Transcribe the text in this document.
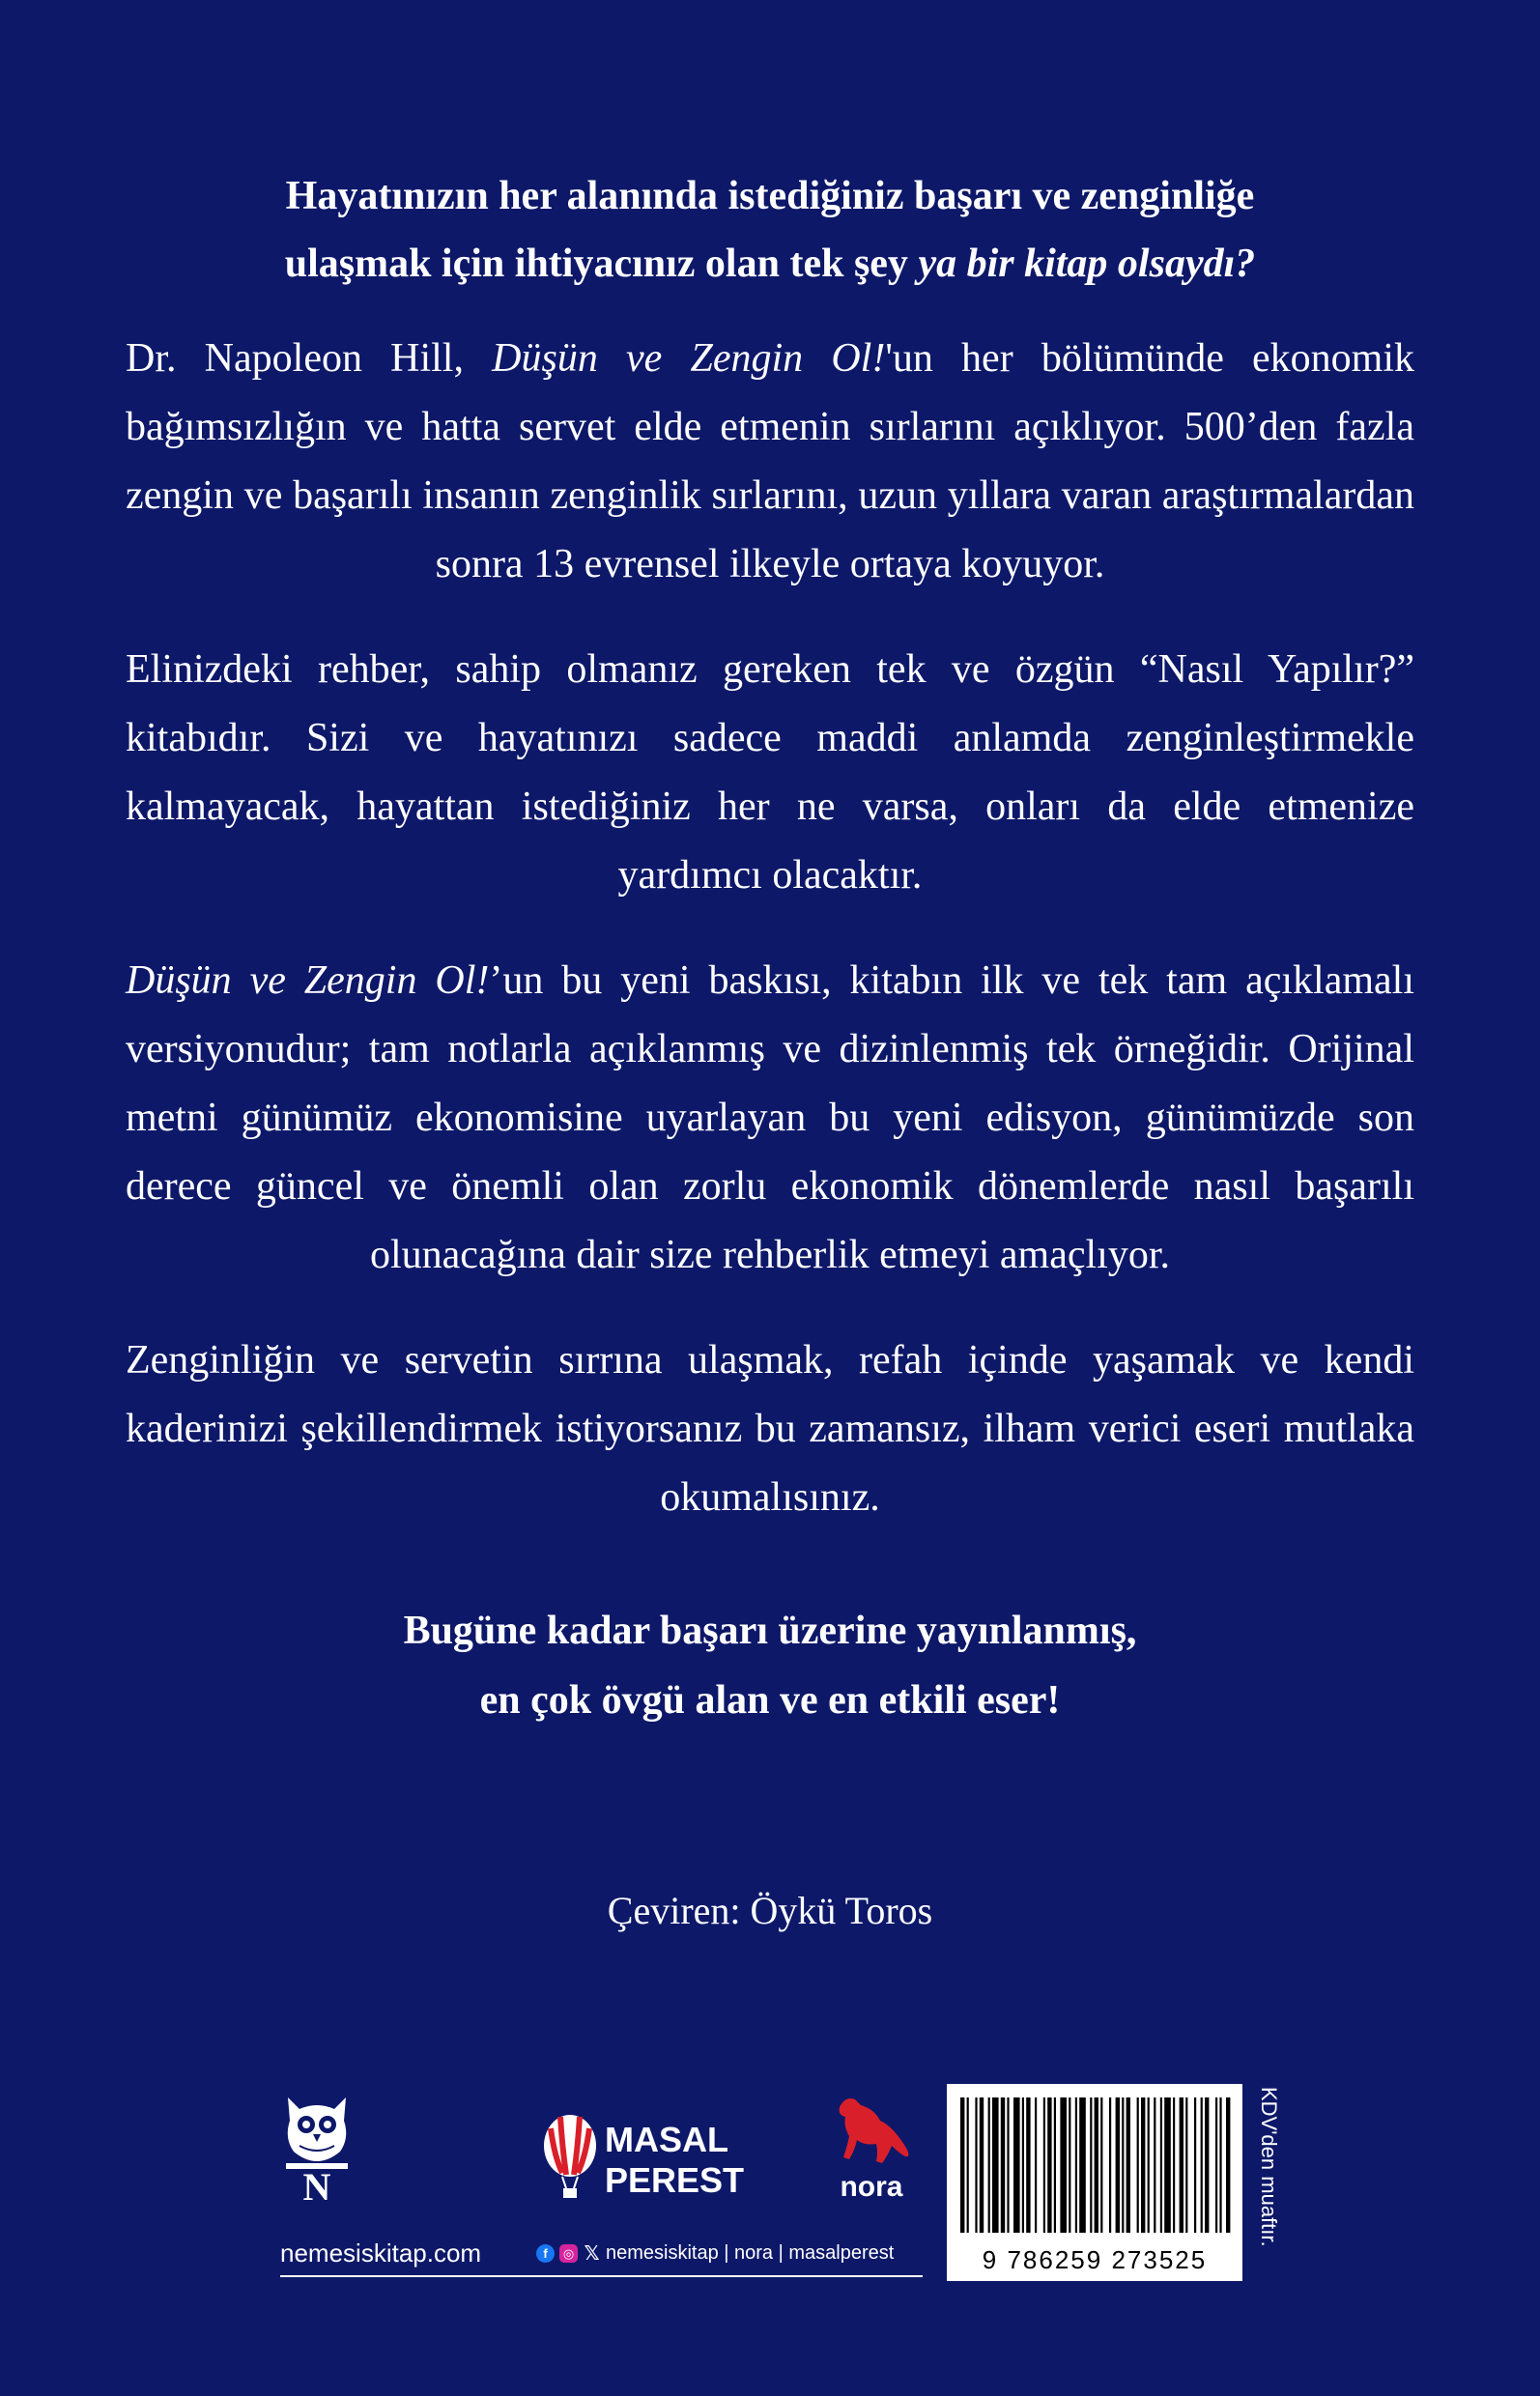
Hayatınızın her alanında istediğiniz başarı ve zenginliğe
ulaşmak için ihtiyacınız olan tek şey ya bir kitap olsaydı?

Dr. Napoleon Hill, Düşün ve Zengin Ol!'un her bölümünde ekonomik bağımsızlığın ve hatta servet elde etmenin sırlarını açıklıyor. 500’den fazla zengin ve başarılı insanın zenginlik sırlarını, uzun yıllara varan araştırmalardan sonra 13 evrensel ilkeyle ortaya koyuyor.

Elinizdeki rehber, sahip olmanız gereken tek ve özgün “Nasıl Yapılır?” kitabıdır. Sizi ve hayatınızı sadece maddi anlamda zenginleştirmekle kalmayacak, hayattan istediğiniz her ne varsa, onları da elde etmenize yardımcı olacaktır.

Düşün ve Zengin Ol!’un bu yeni baskısı, kitabın ilk ve tek tam açıklamalı versiyonudur; tam notlarla açıklanmış ve dizinlenmiş tek örneğidir. Orijinal metni günümüz ekonomisine uyarlayan bu yeni edisyon, günümüzde son derece güncel ve önemli olan zorlu ekonomik dönemlerde nasıl başarılı olunacağına dair size rehberlik etmeyi amaçlıyor.

Zenginliğin ve servetin sırrına ulaşmak, refah içinde yaşamak ve kendi kaderinizi şekillendirmek istiyorsanız bu zamansız, ilham verici eseri mutlaka okumalısınız.

Bugüne kadar başarı üzerine yayınlanmış,
en çok övgü alan ve en etkili eser!
Çeviren: Öykü Toros
N
MASAL
PEREST	nora
nemesiskitap.com	f	◎ 𝕏 nemesiskitap | nora | masalperest	9 786259 273525
KDV'den muaftır.
